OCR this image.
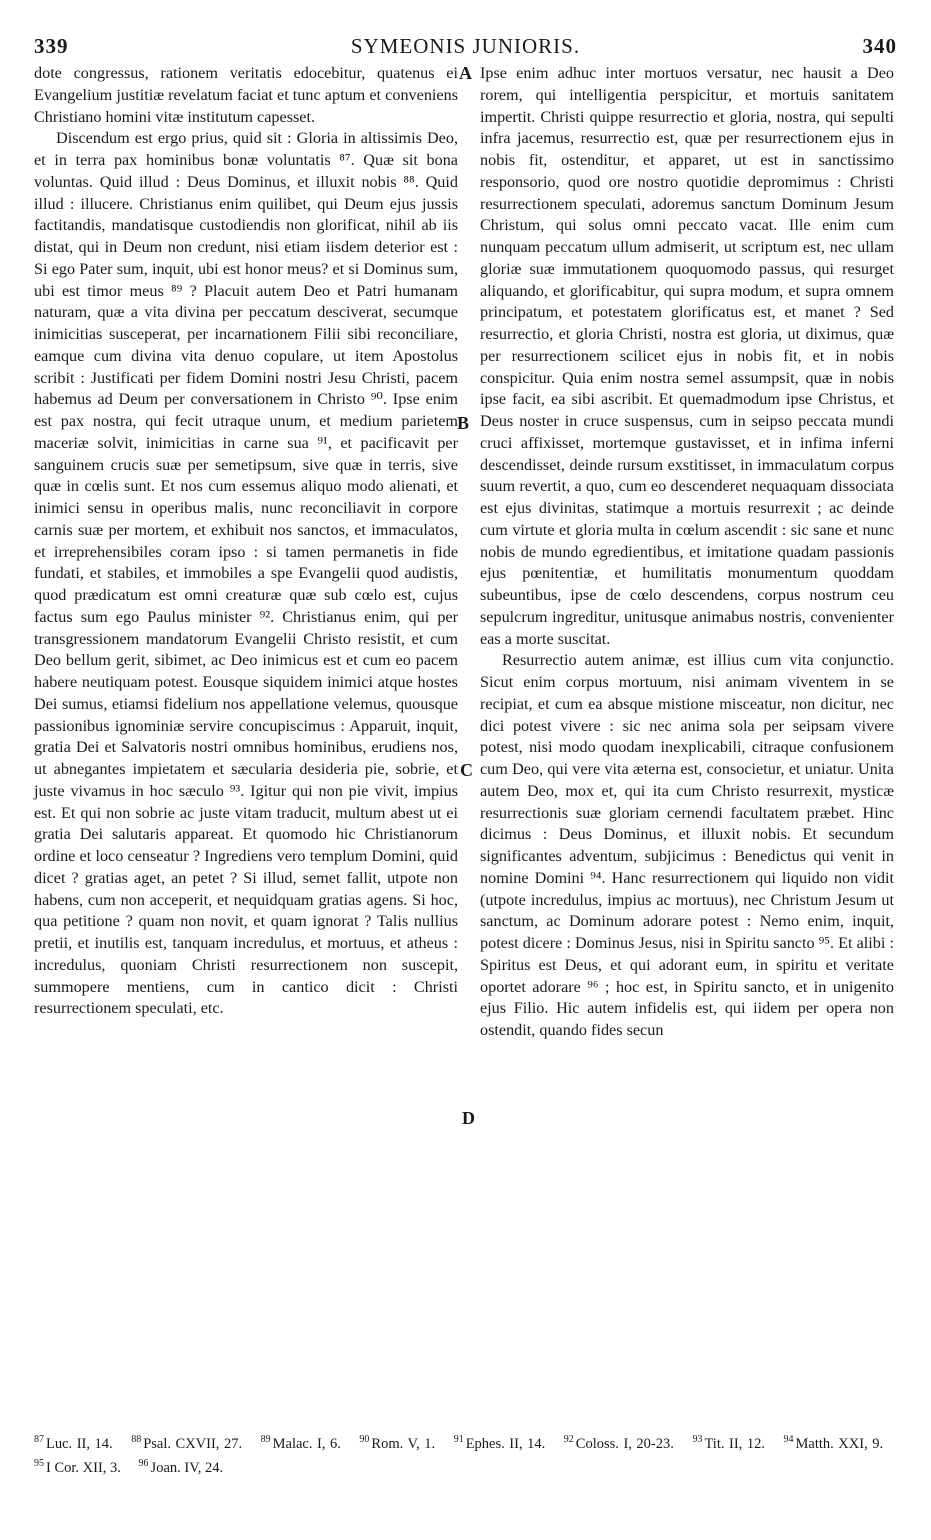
339	SYMEONIS JUNIORIS.	340

dote congressus, rationem veritatis edocebitur, quatenus ei Evangelium justitiæ revelatum faciat et tunc aptum et conveniens Christiano homini vitæ institutum capesset.

Discendum est ergo prius, quid sit : Gloria in altissimis Deo, et in terra pax hominibus bonæ voluntatis ⁸⁷. Quæ sit bona voluntas. Quid illud : Deus Dominus, et illuxit nobis ⁸⁸. Quid illud : illucere. Christianus enim quilibet, qui Deum ejus jussis factitandis, mandatisque custodiendis non glorificat, nihil ab iis distat, qui in Deum non credunt, nisi etiam iisdem deterior est : Si ego Pater sum, inquit, ubi est honor meus? et si Dominus sum, ubi est timor meus ⁸⁹ ? Placuit autem Deo et Patri humanam naturam, quæ a vita divina per peccatum desciverat, secumque inimicitias susceperat, per incarnationem Filii sibi reconciliare, eamque cum divina vita denuo copulare, ut item Apostolus scribit : Justificati per fidem Domini nostri Jesu Christi, pacem habemus ad Deum per conversationem in Christo ⁹⁰. Ipse enim est pax nostra, qui fecit utraque unum, et medium parietem maceriæ solvit, inimicitias in carne sua ⁹¹, et pacificavit per sanguinem crucis suæ per semetipsum, sive quæ in terris, sive quæ in cœlis sunt. Et nos cum essemus aliquo modo alienati, et inimici sensu in operibus malis, nunc reconciliavit in corpore carnis suæ per mortem, et exhibuit nos sanctos, et immaculatos, et irreprehensibiles coram ipso : si tamen permanetis in fide fundati, et stabiles, et immobiles a spe Evangelii quod audistis, quod prædicatum est omni creaturæ quæ sub cœlo est, cujus factus sum ego Paulus minister ⁹². Christianus enim, qui per transgressionem mandatorum Evangelii Christo resistit, et cum Deo bellum gerit, sibimet, ac Deo inimicus est et cum eo pacem habere neutiquam potest. Eousque siquidem inimici atque hostes Dei sumus, etiamsi fidelium nos appellatione velemus, quousque passionibus ignominiæ servire concupiscimus : Apparuit, inquit, gratia Dei et Salvatoris nostri omnibus hominibus, erudiens nos, ut abnegantes impietatem et sæcularia desideria pie, sobrie, et juste vivamus in hoc sæculo ⁹³. Igitur qui non pie vivit, impius est. Et qui non sobrie ac juste vitam traducit, multum abest ut ei gratia Dei salutaris appareat. Et quomodo hic Christianorum ordine et loco censeatur ? Ingrediens vero templum Domini, quid dicet ? gratias aget, an petet ? Si illud, semet fallit, utpote non habens, cum non acceperit, et nequidquam gratias agens. Si hoc, qua petitione ? quam non novit, et quam ignorat ? Talis nullius pretii, et inutilis est, tanquam incredulus, et mortuus, et atheus : incredulus, quoniam Christi resurrectionem non suscepit, summopere mentiens, cum in cantico dicit : Christi resurrectionem speculati, etc.

A
B
C
D

Ipse enim adhuc inter mortuos versatur, nec hausit a Deo rorem, qui intelligentia perspicitur, et mortuis sanitatem impertit. Christi quippe resurrectio et gloria, nostra, qui sepulti infra jacemus, resurrectio est, quæ per resurrectionem ejus in nobis fit, ostenditur, et apparet, ut est in sanctissimo responsorio, quod ore nostro quotidie depromimus : Christi resurrectionem speculati, adoremus sanctum Dominum Jesum Christum, qui solus omni peccato vacat. Ille enim cum nunquam peccatum ullum admiserit, ut scriptum est, nec ullam gloriæ suæ immutationem quoquomodo passus, qui resurget aliquando, et glorificabitur, qui supra modum, et supra omnem principatum, et potestatem glorificatus est, et manet ? Sed resurrectio, et gloria Christi, nostra est gloria, ut diximus, quæ per resurrectionem scilicet ejus in nobis fit, et in nobis conspicitur. Quia enim nostra semel assumpsit, quæ in nobis ipse facit, ea sibi ascribit. Et quemadmodum ipse Christus, et Deus noster in cruce suspensus, cum in seipso peccata mundi cruci affixisset, mortemque gustavisset, et in infima inferni descendisset, deinde rursum exstitisset, in immaculatum corpus suum revertit, a quo, cum eo descenderet nequaquam dissociata est ejus divinitas, statimque a mortuis resurrexit ; ac deinde cum virtute et gloria multa in cœlum ascendit : sic sane et nunc nobis de mundo egredientibus, et imitatione quadam passionis ejus pœnitentiæ, et humilitatis monumentum quoddam subeuntibus, ipse de cœlo descendens, corpus nostrum ceu sepulcrum ingreditur, unitusque animabus nostris, convenienter eas a morte suscitat.

Resurrectio autem animæ, est illius cum vita conjunctio. Sicut enim corpus mortuum, nisi animam viventem in se recipiat, et cum ea absque mistione misceatur, non dicitur, nec dici potest vivere : sic nec anima sola per seipsam vivere potest, nisi modo quodam inexplicabili, citraque confusionem cum Deo, qui vere vita æterna est, consocietur, et uniatur. Unita autem Deo, mox et, qui ita cum Christo resurrexit, mysticæ resurrectionis suæ gloriam cernendi facultatem præbet. Hinc dicimus : Deus Dominus, et illuxit nobis. Et secundum significantes adventum, subjicimus : Benedictus qui venit in nomine Domini ⁹⁴. Hanc resurrectionem qui liquido non vidit (utpote incredulus, impius ac mortuus), nec Christum Jesum ut sanctum, ac Dominum adorare potest : Nemo enim, inquit, potest dicere : Dominus Jesus, nisi in Spiritu sancto ⁹⁵. Et alibi : Spiritus est Deus, et qui adorant eum, in spiritu et veritate oportet adorare ⁹⁶ ; hoc est, in Spiritu sancto, et in unigenito ejus Filio. Hic autem infidelis est, qui iidem per opera non ostendit, quando fides secun

$^{87}$ Luc. II, 14. $^{88}$ Psal. CXVII, 27. $^{89}$ Malac. I, 6. $^{90}$ Rom. V, 1. $^{91}$ Ephes. II, 14. $^{92}$ Coloss. I, 20-23. $^{93}$ Tit. II, 12. $^{94}$ Matth. XXI, 9. $^{95}$ I Cor. XII, 3. $^{96}$ Joan. IV, 24.
